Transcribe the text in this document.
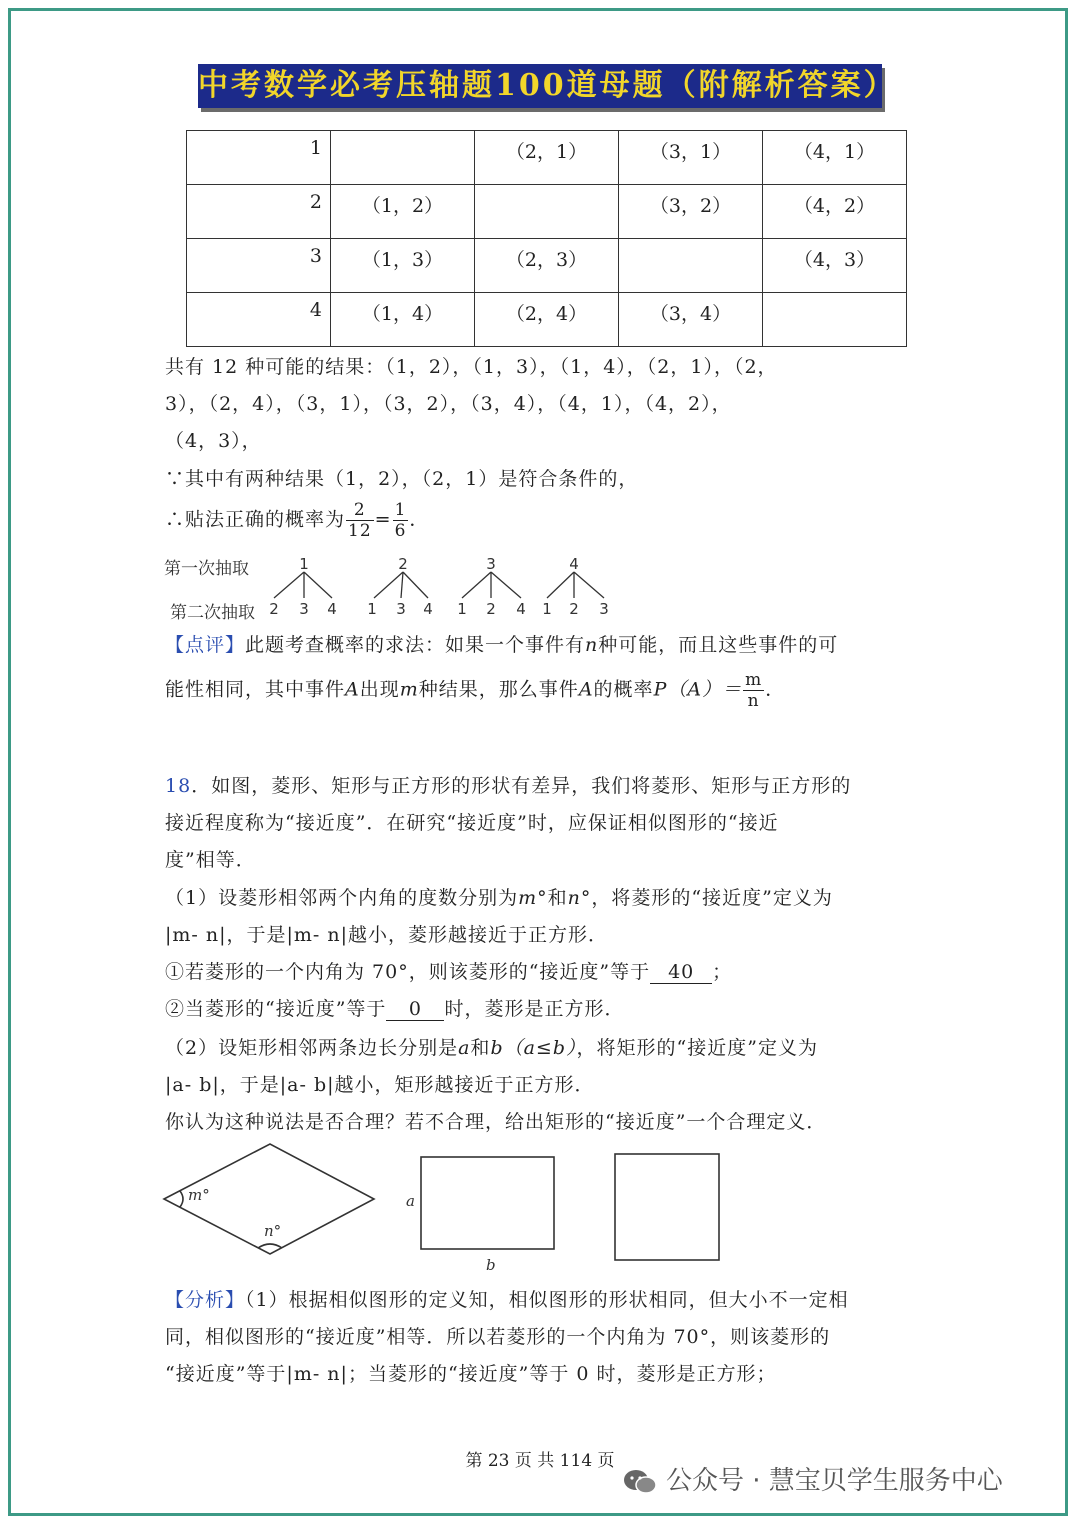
中考数学必考压轴题100道母题（附解析答案）
1		（2，1）	（3，1）	（4，1）
2	（1，2）		（3，2）	（4，2）
3	（1，3）	（2，3）		（4，3）
4	（1，4）	（2，4）	（3，4）	
共有 12 种可能的结果：（1，2），（1，3），（1，4），（2，1），（2，
3），（2，4），（3，1），（3，2），（3，4），（4，1），（4，2），
（4，3），
∵其中有两种结果（1，2），（2，1）是符合条件的，
∴贴法正确的概率为 $\frac{2}{12} = \frac{1}{6}$ ．
第一次抽取
第二次抽取
1	2	3	4
2 3 4 1 3 4 1 2 4 1 2 3
【点评】此题考查概率的求法：如果一个事件有n种可能，而且这些事件的可
能性相同，其中事件A出现m种结果，那么事件A的概率$P(A)= \frac{m}{n}$ ．
18．如图，菱形、矩形与正方形的形状有差异，我们将菱形、矩形与正方形的
接近程度称为“接近度”．在研究“接近度”时，应保证相似图形的“接近
度”相等．
（1）设菱形相邻两个内角的度数分别为m°和n°，将菱形的“接近度”定义为
|m- n|，于是|m- n|越小，菱形越接近于正方形．
①若菱形的一个内角为 70°，则该菱形的“接近度”等于 40 ；
②当菱形的“接近度”等于 0 时，菱形是正方形．
（2）设矩形相邻两条边长分别是a和b（a≤b），将矩形的“接近度”定义为
|a- b|，于是|a- b|越小，矩形越接近于正方形．
你认为这种说法是否合理？若不合理，给出矩形的“接近度”一个合理定义．
m°
n°
a
b
【分析】（1）根据相似图形的定义知，相似图形的形状相同，但大小不一定相
同，相似图形的“接近度”相等．所以若菱形的一个内角为 70°，则该菱形的
“接近度”等于|m- n|；当菱形的“接近度”等于 0 时，菱形是正方形；
第 23 页 共 114 页
公众号 · 慧宝贝学生服务中心
